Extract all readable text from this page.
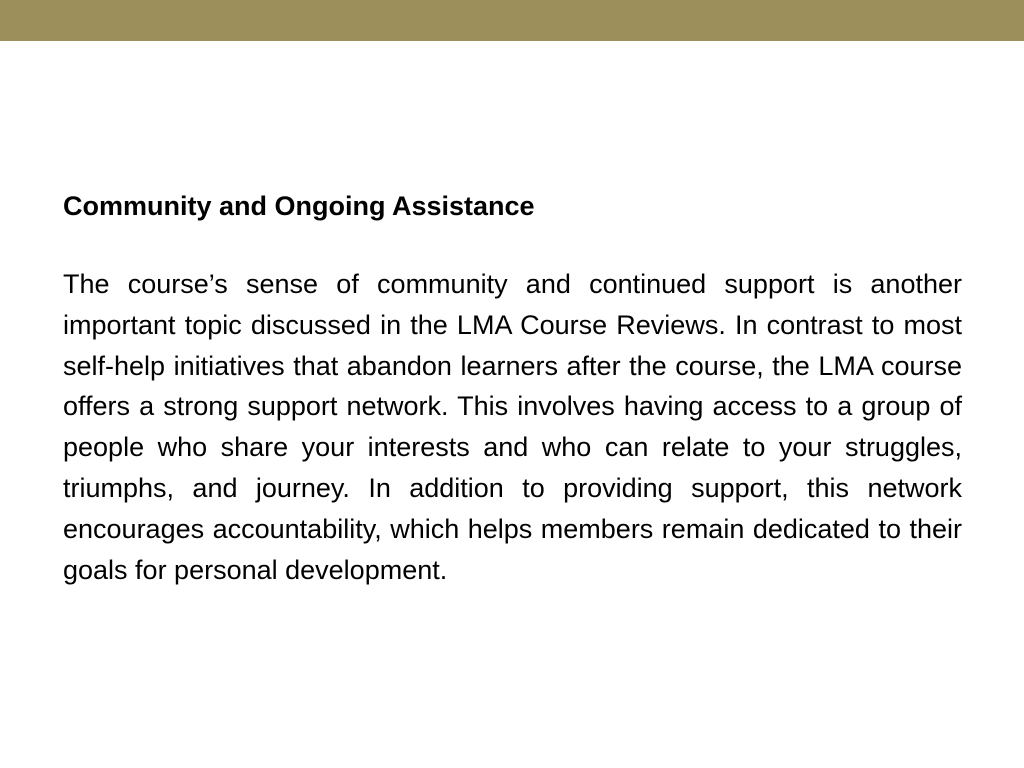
Community and Ongoing Assistance

The course’s sense of community and continued support is another important topic discussed in the LMA Course Reviews. In contrast to most self-help initiatives that abandon learners after the course, the LMA course offers a strong support network. This involves having access to a group of people who share your interests and who can relate to your struggles, triumphs, and journey. In addition to providing support, this network encourages accountability, which helps members remain dedicated to their goals for personal development.
